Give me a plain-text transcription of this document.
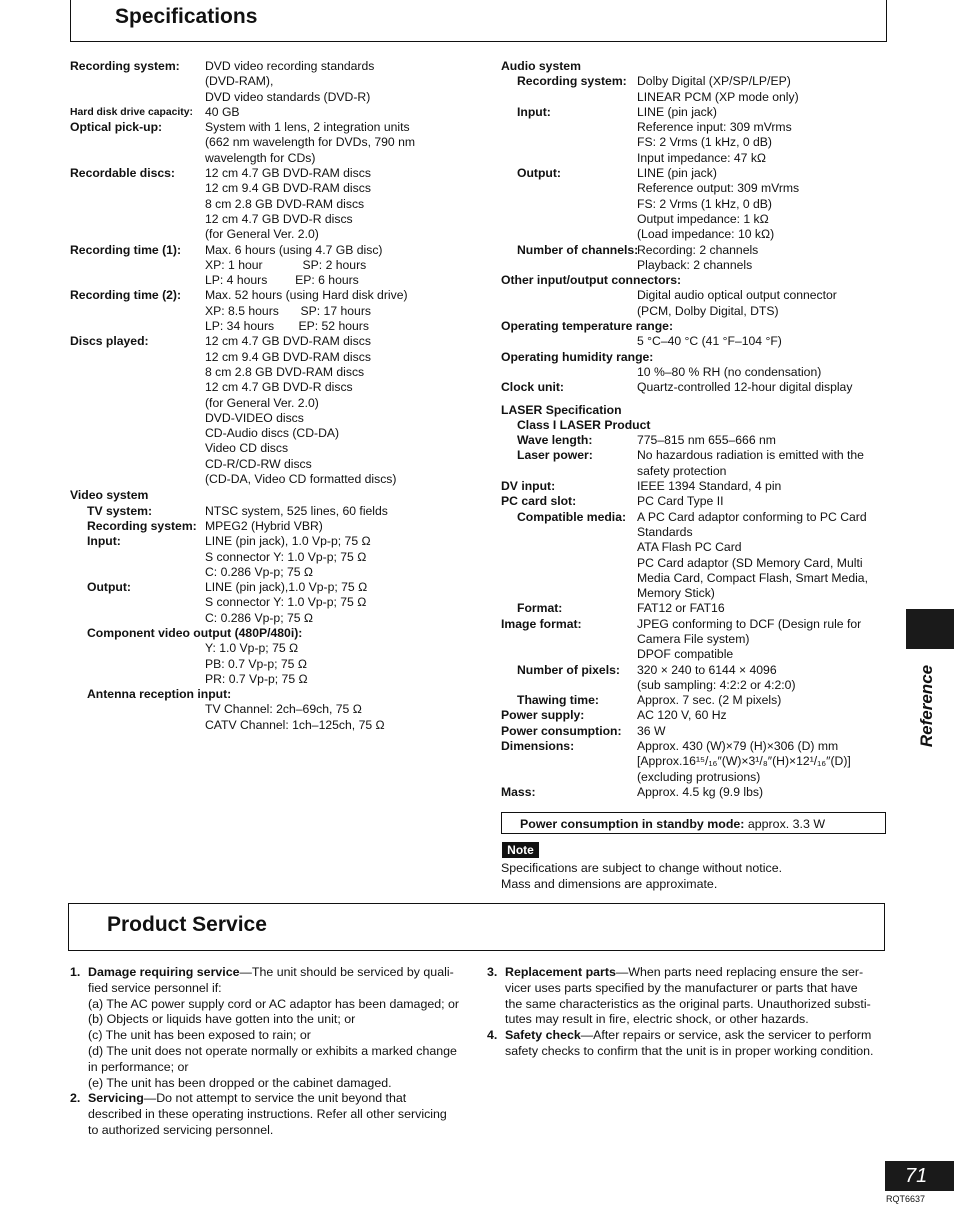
Specifications
Recording system:	DVD video recording standards
(DVD-RAM),
DVD video standards (DVD-R)
Hard disk drive capacity: 40 GB
Optical pick-up:	System with 1 lens, 2 integration units
(662 nm wavelength for DVDs, 790 nm
wavelength for CDs)
Recordable discs:	12 cm 4.7 GB DVD-RAM discs
12 cm 9.4 GB DVD-RAM discs
8 cm 2.8 GB DVD-RAM discs
12 cm 4.7 GB DVD-R discs
(for General Ver. 2.0)
Recording time (1):	Max. 6 hours (using 4.7 GB disc)
XP: 1 hour    SP: 2 hours
LP: 4 hours   EP: 6 hours
Recording time (2):	Max. 52 hours (using Hard disk drive)
XP: 8.5 hours   SP: 17 hours
LP: 34 hours   EP: 52 hours
Discs played:	12 cm 4.7 GB DVD-RAM discs
12 cm 9.4 GB DVD-RAM discs
8 cm 2.8 GB DVD-RAM discs
12 cm 4.7 GB DVD-R discs
(for General Ver. 2.0)
DVD-VIDEO discs
CD-Audio discs (CD-DA)
Video CD discs
CD-R/CD-RW discs
(CD-DA, Video CD formatted discs)
Video system
TV system:	NTSC system, 525 lines, 60 fields
Recording system: MPEG2 (Hybrid VBR)
Input:	LINE (pin jack), 1.0 Vp-p; 75 Ω
S connector Y: 1.0 Vp-p; 75 Ω
C: 0.286 Vp-p; 75 Ω
Output:	LINE (pin jack),1.0 Vp-p; 75 Ω
S connector Y: 1.0 Vp-p; 75 Ω
C: 0.286 Vp-p; 75 Ω
Component video output (480P/480i):
Y: 1.0 Vp-p; 75 Ω
PB: 0.7 Vp-p; 75 Ω
PR: 0.7 Vp-p; 75 Ω
Antenna reception input:
TV Channel: 2ch–69ch, 75 Ω
CATV Channel: 1ch–125ch, 75 Ω
Audio system
Recording system: Dolby Digital (XP/SP/LP/EP)
LINEAR PCM (XP mode only)
Input:	LINE (pin jack)
Reference input: 309 mVrms
FS: 2 Vrms (1 kHz, 0 dB)
Input impedance: 47 kΩ
Output:	LINE (pin jack)
Reference output: 309 mVrms
FS: 2 Vrms (1 kHz, 0 dB)
Output impedance: 1 kΩ
(Load impedance: 10 kΩ)
Number of channels:
Recording: 2 channels
Playback: 2 channels
Other input/output connectors:
Digital audio optical output connector
(PCM, Dolby Digital, DTS)
Operating temperature range:
5 °C–40 °C (41 °F–104 °F)
Operating humidity range:
10 %–80 % RH (no condensation)
Clock unit:	Quartz-controlled 12-hour digital display
LASER Specification
Class I LASER Product
Wave length:	775–815 nm 655–666 nm
Laser power:	No hazardous radiation is emitted with the
safety protection
DV input:	IEEE 1394 Standard, 4 pin
PC card slot:	PC Card Type II
Compatible media: A PC Card adaptor conforming to PC Card
Standards
ATA Flash PC Card
PC Card adaptor (SD Memory Card, Multi
Media Card, Compact Flash, Smart Media,
Memory Stick)
Format:	FAT12 or FAT16
Image format:	JPEG conforming to DCF (Design rule for
Camera File system)
DPOF compatible
Number of pixels:	320 × 240 to 6144 × 4096
(sub sampling: 4:2:2 or 4:2:0)
Thawing time:	Approx. 7 sec. (2 M pixels)
Power supply:	AC 120 V, 60 Hz
Power consumption:	36 W
Dimensions:	Approx. 430 (W)×79 (H)×306 (D) mm
[Approx.16¹⁵/₁₆″(W)×3¹/₈″(H)×12¹/₁₆″(D)]
(excluding protrusions)
Mass:	Approx. 4.5 kg (9.9 lbs)
Power consumption in standby mode: approx. 3.3 W
Note
Specifications are subject to change without notice.
Mass and dimensions are approximate.
Product Service
1. Damage requiring service—The unit should be serviced by quali-
fied service personnel if:
(a) The AC power supply cord or AC adaptor has been damaged; or
(b) Objects or liquids have gotten into the unit; or
(c) The unit has been exposed to rain; or
(d) The unit does not operate normally or exhibits a marked change
in performance; or
(e) The unit has been dropped or the cabinet damaged.
2. Servicing—Do not attempt to service the unit beyond that
described in these operating instructions. Refer all other servicing
to authorized servicing personnel.
3. Replacement parts—When parts need replacing ensure the ser-
vicer uses parts specified by the manufacturer or parts that have
the same characteristics as the original parts. Unauthorized substi-
tutes may result in fire, electric shock, or other hazards.
4. Safety check—After repairs or service, ask the servicer to perform
safety checks to confirm that the unit is in proper working condition.
Reference
71
RQT6637
